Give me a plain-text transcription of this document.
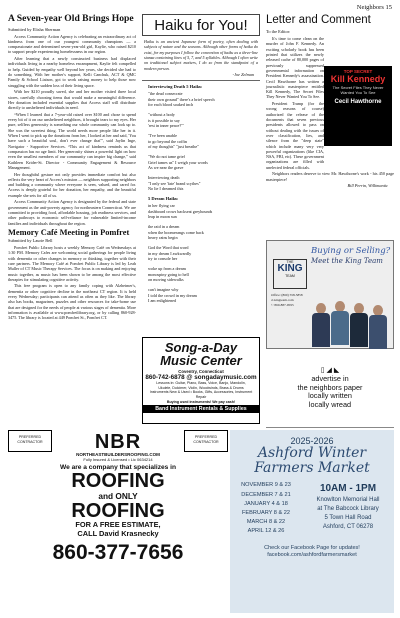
Neighbors 15
A Seven-year Old Brings Hope
Submitted by Elisha Sherman

Access Community Action Agency is celebrating an extraordinary act of kindness from one of our youngest community champions — a compassionate and determined seven-year-old girl, Kaylie, who raised $210 to support people experiencing homelessness in our region.

After learning that a newly constructed business had displaced individuals living in a nearby homeless encampment, Kaylie felt compelled to help. Guided by empathy well beyond her years, she decided she had to do something. With her mother's support, Kelli Canchuk, ACT & QMC Family & School Liaison, got to work raising money to help those now struggling with the sudden loss of their living space.

With her $210 proudly saved, she and her mother visited three local stores, carefully choosing items that would make a meaningful difference. Her donation included essential supplies that Access staff will distribute directly to unsheltered individuals in need.

“When I learned that a 7-year-old raised over $100 and chose to spend every bit of it on our unsheltered neighbors, it brought tears to my eyes. Her pure, selfless generosity is something our whole community can look up to. She was the sweetest thing. The world needs more people like her in it. When I went to pick up the donations from her, I looked at her and said, 'You have such a beautiful soul, don't ever change that'”, said Jaylin Inge, Navigator - Supportive Services. “This act of kindness reminds us that compassion has no age limit. Her generosity shines a powerful light on how even the smallest members of our community can inspire big change,” said Kathleen Krider-St. Director - Community Engagement & Resource Management.

Her thoughtful gesture not only provides immediate comfort but also reflects the very heart of Access's mission — neighbors supporting neighbors and building a community where everyone is seen, valued, and cared for. Access is deeply grateful for her donation, her empathy, and the beautiful example she sets for all of us.

Access Community Action Agency is designated by the federal and state government as the anti-poverty agency for northeastern Connecticut. We are committed to providing food, affordable housing, job readiness services, and other pathways to economic self-reliance for vulnerable limited-income families and individuals throughout the region.

Memory Café Meeting in Pomfret
Submitted by Laurie Bell

Pomfret Public Library hosts a weekly Memory Café on Wednesdays at 1:30 PM. Memory Cafes are welcoming social gatherings for people living with dementia or other changes in memory or thinking, together with their care partners. The Memory Café at Pomfret Public Library is led by Leah Muller of CT Music Therapy Services. The focus is on making and enjoying music together, as music has been shown to be among the most effective therapies for stimulating cognitive activity.

This free program is open to any family coping with Alzheimer's, dementia or other cognitive decline in the northeast CT region. It is held every Wednesday; participants can attend as often as they like. The library also has books, magazines, puzzles and other resources for take-home use that are designed for the needs of people at various stages of dementia. More information is available at www.pomfretlibrary.org, or by calling 860-928-3475. The library is located at 449 Pomfret St., Pomfret CT.

Haiku for You!
Haiku is an ancient Japanese form of poetry, often dealing with subjects of nature and the seasons. Although other forms of haiku do exist, for my purposes I follow the convention of haiku as a three-line stanza containing lines of 5, 7, and 5 syllables. Although I often write on traditional subject matters, I do so from the standpoint of a modern person.
-Joe Zelman
Interviewing Death 5 Haiku
"the dead consecrate
their own ground" there's a brief speech
for each blood soaked inch
"without a body
is it possible to say
'rest in inner peace?'"
"I've been unable
to go beyond the coffin
of my thoughts" "just breathe"
"We do not tame grief
Grief tames us" I weigh your words
As we near the grave
Interviewing death
"I only see 'fate' brand scythes"
No lie I dreamed this
5 Dream Haiku
in her flying car
dashboard crows backseat greyhounds
leap in moon sun
the raid in a dream
when the boomerangs come back
heavy rains begin
God the Word that word
in my dream I awkwardly
try to console her
woke up from a dream
monospiny going to hell
on moving sidewalks
can't imagine why
I told the crowd in my dream
I am enlightened
Letter and Comment
To the Editor:

It's time to come clean on the murder of John F. Kennedy. An exciting scholarly book has been printed that utilizes the newly released cache of 80,000 pages of previously suppressed governmental information on President Kennedy's assassination. Cecil Hawthorne has written a journalistic masterpiece entitled Kill Kennedy, The Secret Files They Never Wanted You To See.

President Trump (for the wrong reasons of course) authorized the release of the documents that seven previous presidents allowed to pass on without dealing with the issues of over classification, lies, and silence from the "deep state" which include many very very powerful organizations (like CIA, NSA, FBI, etc). These government organizations are filled with unelected federal officials.

Neighbors readers deserve to view Mr. Hawthorne's work - his 450 page masterpiece!

Bill Perrin, Willimantic
TOP SECRET
Kill Kennedy
The Secret Files They Never Wanted You To See
Cecil Hawthorne
Buying or Selling?
Meet the King Team
THE
KING
TEAM
Office: (860) 558-5858
ct.kingteam.com
© 860-887-9595
▯ ◢ ◣
advertise in
the neighbors paper
locally written
locally wread
Song-a-Day
Music Center
Coventry, Connecticut
860-742-6878 @ songadaymusic.com
Lessons in: Guitar, Piano, Bass, Voice, Banjo, Mandolin,
Ukulele, Dulcimer, Violin, Woodwinds, Brass & Drums
Instruments New & Used • Books, Gifts, Accessories, Instrument Repair
Buying used instruments! We pay cash!
Band Instrument Rentals & Supplies
PREFERRED CONTRACTOR
PREFERRED CONTRACTOR
NBR
NORTHEASTBUILDERSROOFING.COM
Fully Insured & Licensed • Lic 0634214
We are a company that specializes in
ROOFING
and ONLY
ROOFING
FOR A FREE ESTIMATE,
CALL David Krasnecky
860-377-7656
2025-2026
Ashford Winter
Farmers Market
NOVEMBER 9 & 23
DECEMBER 7 & 21
JANUARY 4 & 18
FEBRUARY 8 & 22
MARCH 8 & 22
APRIL 12 & 26
10AM - 1PM
Knowlton Memorial Hall
at The Babcock Library
5 Town Hall Road
Ashford, CT 06278
Check our Facebook Page for updates!
facebook.com/ashfordfarmersmarket
